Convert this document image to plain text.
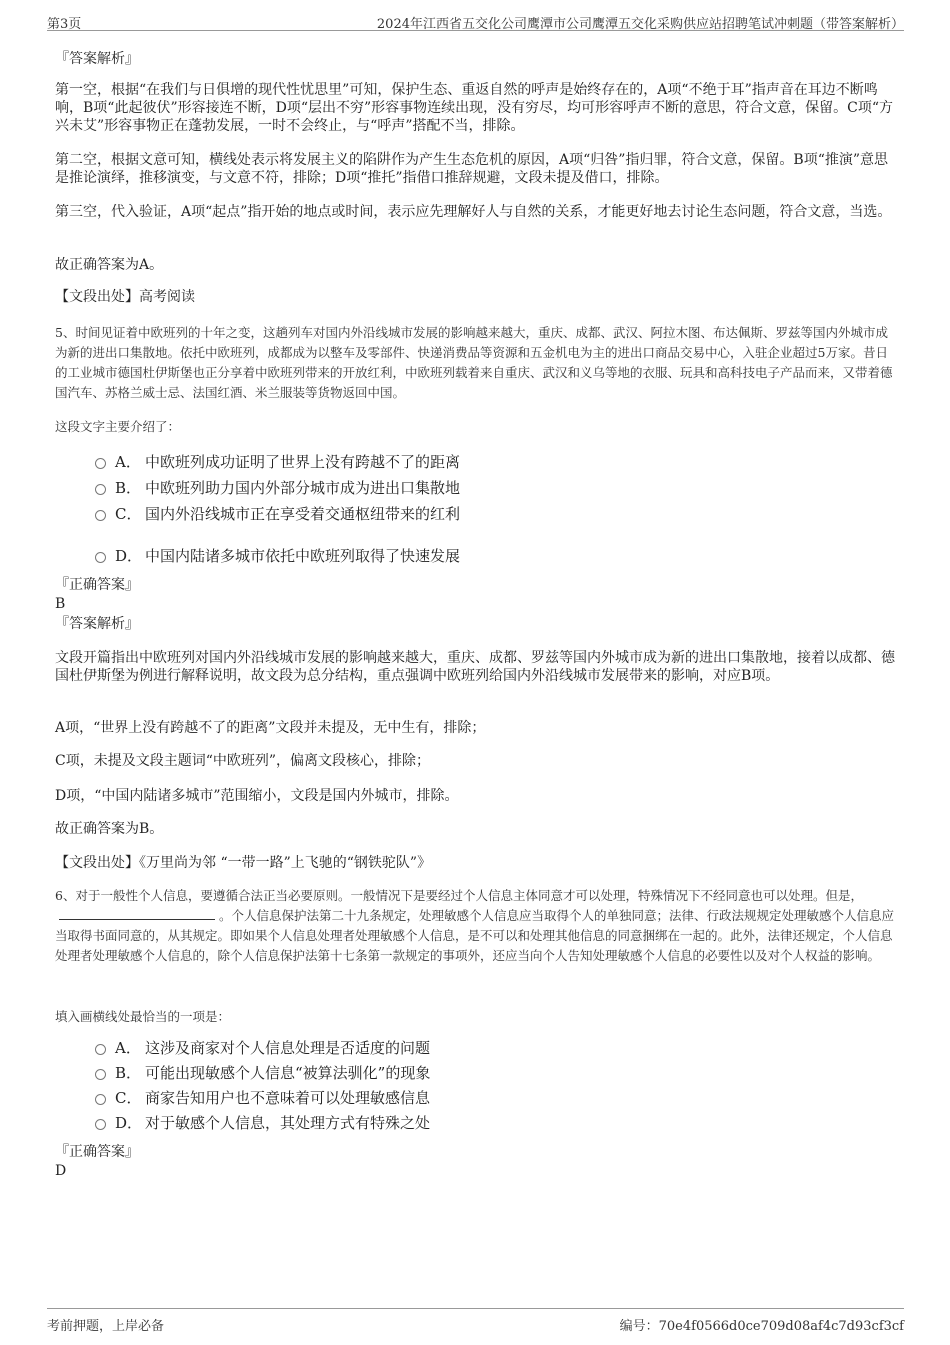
第3页	2024年江西省五交化公司鹰潭市公司鹰潭五交化采购供应站招聘笔试冲刺题（带答案解析）
『答案解析』
第一空，根据“在我们与日俱增的现代性忧思里”可知，保护生态、重返自然的呼声是始终存在的，A项“不绝于耳”指声音在耳边不断鸣响，B项“此起彼伏”形容接连不断，D项“层出不穷”形容事物连续出现，没有穷尽，均可形容呼声不断的意思，符合文意，保留。C项“方兴未艾”形容事物正在蓬勃发展，一时不会终止，与“呼声”搭配不当，排除。
第二空，根据文意可知，横线处表示将发展主义的陷阱作为产生生态危机的原因，A项“归咎”指归罪，符合文意，保留。B项“推演”意思是推论演绎，推移演变，与文意不符，排除；D项“推托”指借口推辞规避，文段未提及借口，排除。
第三空，代入验证，A项“起点”指开始的地点或时间，表示应先理解好人与自然的关系，才能更好地去讨论生态问题，符合文意，当选。
故正确答案为A。
【文段出处】高考阅读
5、时间见证着中欧班列的十年之变，这趟列车对国内外沿线城市发展的影响越来越大，重庆、成都、武汉、阿拉木图、布达佩斯、罗兹等国内外城市成为新的进出口集散地。依托中欧班列，成都成为以整车及零部件、快递消费品等资源和五金机电为主的进出口商品交易中心，入驻企业超过5万家。昔日的工业城市德国杜伊斯堡也正分享着中欧班列带来的开放红利，中欧班列载着来自重庆、武汉和义乌等地的衣服、玩具和高科技电子产品而来，又带着德国汽车、苏格兰威士忌、法国红酒、米兰服装等货物返回中国。
这段文字主要介绍了：
A． 中欧班列成功证明了世界上没有跨越不了的距离
B． 中欧班列助力国内外部分城市成为进出口集散地
C． 国内外沿线城市正在享受着交通枢纽带来的红利
D． 中国内陆诸多城市依托中欧班列取得了快速发展
『正确答案』
B
『答案解析』
文段开篇指出中欧班列对国内外沿线城市发展的影响越来越大，重庆、成都、罗兹等国内外城市成为新的进出口集散地，接着以成都、德国杜伊斯堡为例进行解释说明，故文段为总分结构，重点强调中欧班列给国内外沿线城市发展带来的影响，对应B项。
A项，“世界上没有跨越不了的距离”文段并未提及，无中生有，排除；
C项，未提及文段主题词“中欧班列”，偏离文段核心，排除；
D项，“中国内陆诸多城市”范围缩小，文段是国内外城市，排除。
故正确答案为B。
【文段出处】《万里尚为邻 “一带一路”上飞驰的“钢铁驼队”》
6、对于一般性个人信息，要遵循合法正当必要原则。一般情况下是要经过个人信息主体同意才可以处理，特殊情况下不经同意也可以处理。但是，。个人信息保护法第二十九条规定，处理敏感个人信息应当取得个人的单独同意；法律、行政法规规定处理敏感个人信息应当取得书面同意的，从其规定。即如果个人信息处理者处理敏感个人信息，是不可以和处理其他信息的同意捆绑在一起的。此外，法律还规定，个人信息处理者处理敏感个人信息的，除个人信息保护法第十七条第一款规定的事项外，还应当向个人告知处理敏感个人信息的必要性以及对个人权益的影响。
填入画横线处最恰当的一项是：
A． 这涉及商家对个人信息处理是否适度的问题
B． 可能出现敏感个人信息“被算法驯化”的现象
C． 商家告知用户也不意味着可以处理敏感信息
D． 对于敏感个人信息，其处理方式有特殊之处
『正确答案』
D
考前押题，上岸必备	编号：70e4f0566d0ce709d08af4c7d93cf3cf
